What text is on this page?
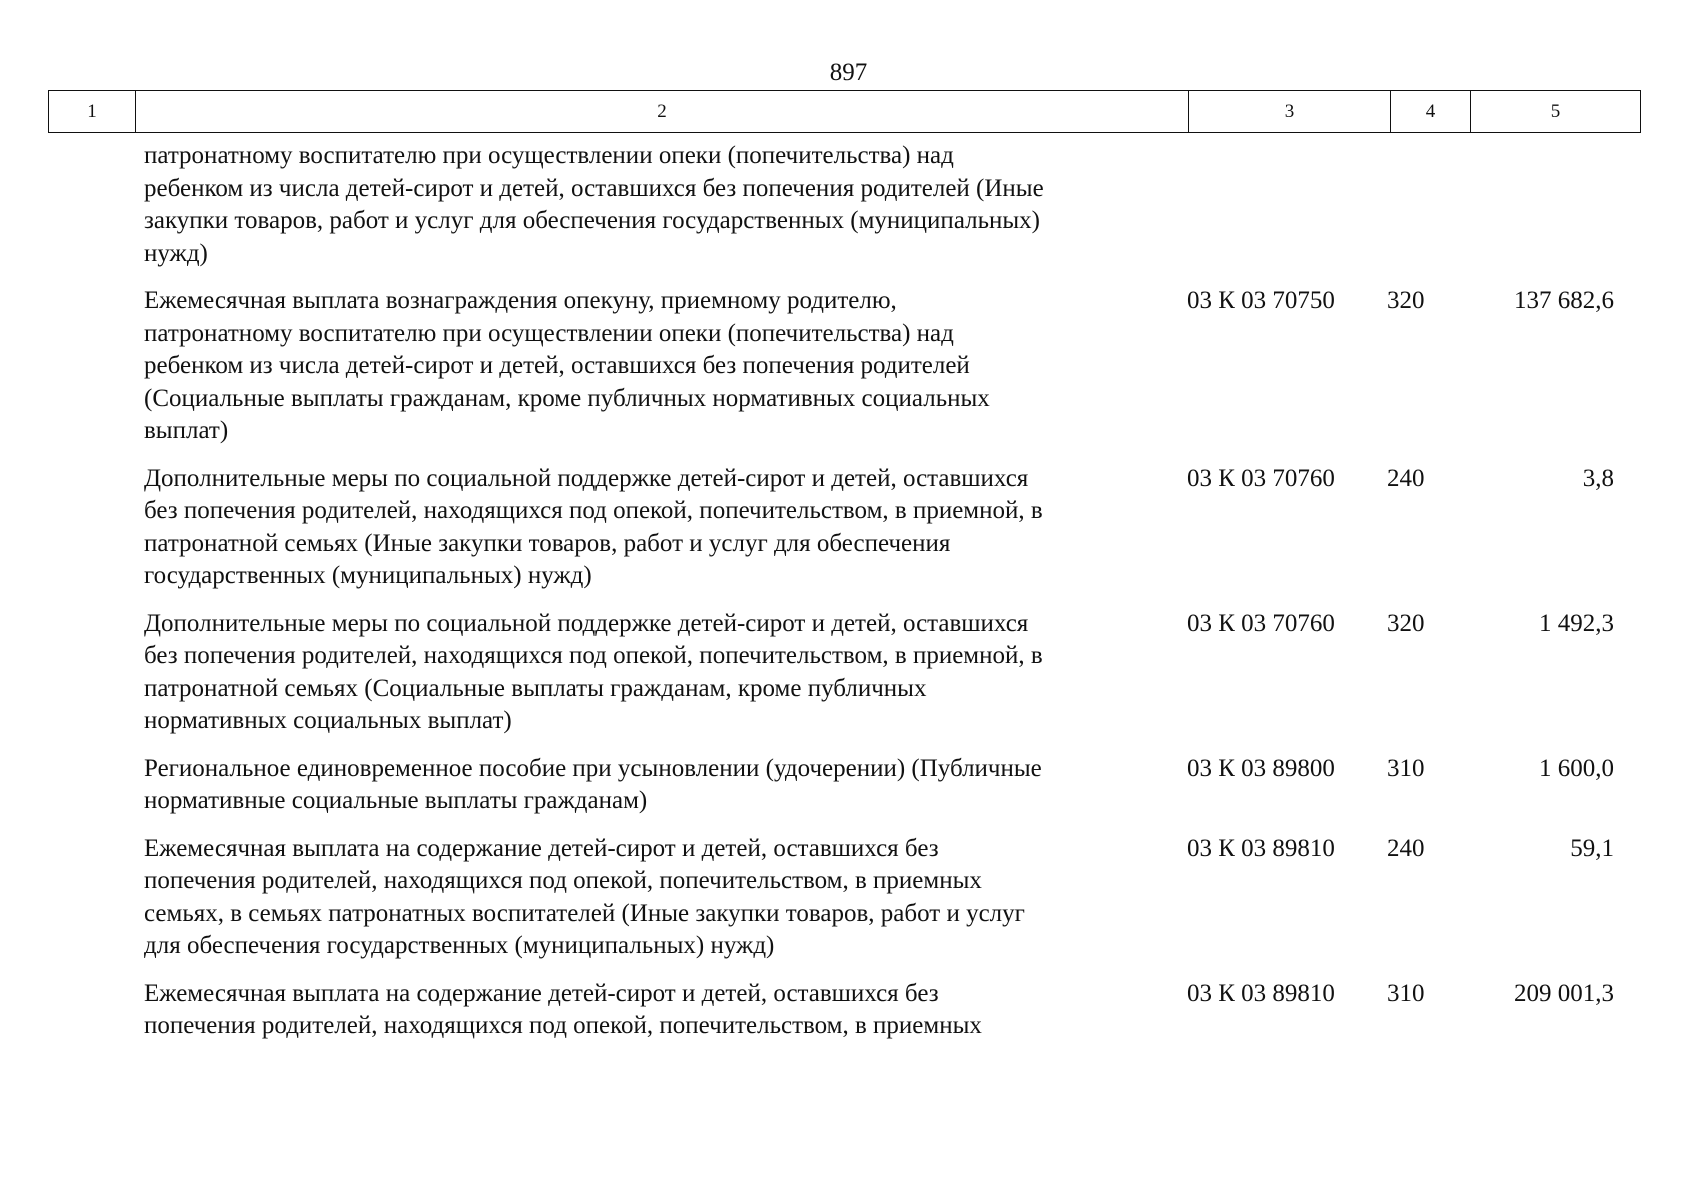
897
1	2	3	4	5
патронатному воспитателю при осуществлении опеки (попечительства) над
ребенком из числа детей-сирот и детей, оставшихся без попечения родителей (Иные
закупки товаров, работ и услуг для обеспечения государственных (муниципальных)
нужд)
Ежемесячная выплата вознаграждения опекуну, приемному родителю,
патронатному воспитателю при осуществлении опеки (попечительства) над
ребенком из числа детей-сирот и детей, оставшихся без попечения родителей
(Социальные выплаты гражданам, кроме публичных нормативных социальных
выплат)
03 К 03 70750	320	137 682,6
Дополнительные меры по социальной поддержке детей-сирот и детей, оставшихся
без попечения родителей, находящихся под опекой, попечительством, в приемной, в
патронатной семьях (Иные закупки товаров, работ и услуг для обеспечения
государственных (муниципальных) нужд)
03 К 03 70760	240	3,8
Дополнительные меры по социальной поддержке детей-сирот и детей, оставшихся
без попечения родителей, находящихся под опекой, попечительством, в приемной, в
патронатной семьях (Социальные выплаты гражданам, кроме публичных
нормативных социальных выплат)
03 К 03 70760	320	1 492,3
Региональное единовременное пособие при усыновлении (удочерении) (Публичные
нормативные социальные выплаты гражданам)
03 К 03 89800	310	1 600,0
Ежемесячная выплата на содержание детей-сирот и детей, оставшихся без
попечения родителей, находящихся под опекой, попечительством, в приемных
семьях, в семьях патронатных воспитателей (Иные закупки товаров, работ и услуг
для обеспечения государственных (муниципальных) нужд)
03 К 03 89810	240	59,1
Ежемесячная выплата на содержание детей-сирот и детей, оставшихся без
попечения родителей, находящихся под опекой, попечительством, в приемных
03 К 03 89810	310	209 001,3
